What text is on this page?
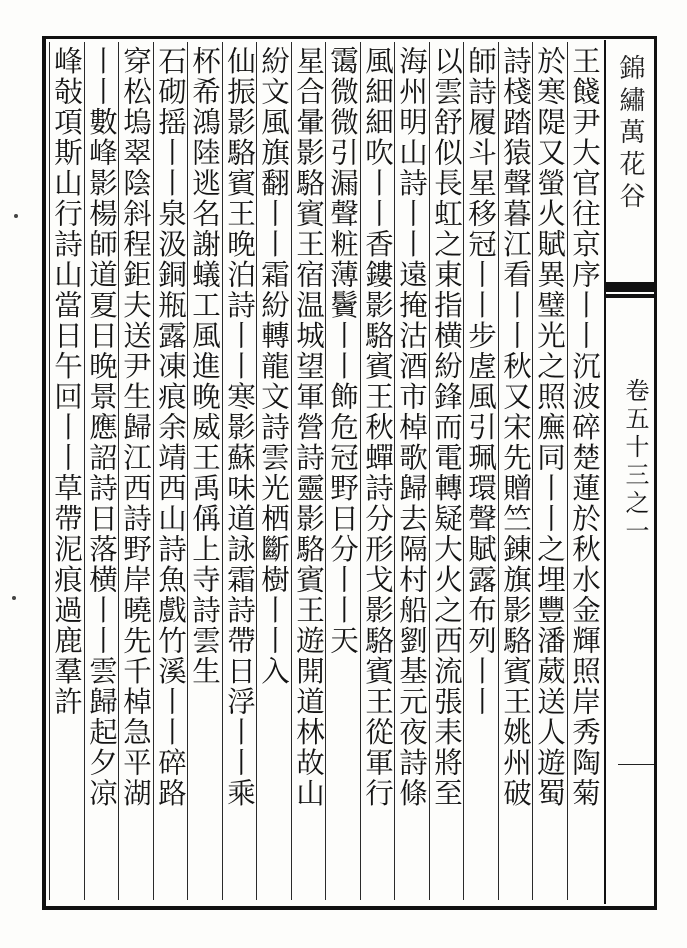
錦繡萬花谷
卷五十三之一
王餞尹大官往京序丨丨沉波碎楚蓮於秋水金輝照岸秀陶菊
於寒隄又螢火賦異璧光之照廡同丨丨之埋豐潘葳送人遊蜀
詩棧踏猿聲暮江看丨丨秋又宋先贈竺錬旗影駱賓王姚州破
師詩履斗星移冠丨丨步虗風引珮環聲賦露布列丨丨
以雲舒似長虹之東指横紛鋒而電轉疑大火之西流張耒將至
海州明山詩丨丨遠掩沽酒市棹歌歸去隔村船劉基元夜詩條
風細細吹丨丨香鏤影駱賓王秋蟬詩分形戈影駱賓王從軍行
霭微微引漏聲粧薄鬢丨丨飾危冠野日分丨丨天
星合暈影駱賓王宿温城望軍營詩靈影駱賓王遊開道林故山
紛文風旗翻丨丨霜紛轉龍文詩雲光栖斷樹丨丨入
仙振影駱賓王晚泊詩丨丨寒影蘇味道詠霜詩帶日浮丨丨乘
杯希鴻陸逃名謝蟻工風進晚威王禹偁上寺詩雲生
石砌摇丨丨泉汲銅瓶露凍痕余靖西山詩魚戲竹溪丨丨碎路
穿松塢翠陰斜程鉅夫送尹生歸江西詩野岸曉先千棹急平湖
丨丨數峰影楊師道夏日晚景應詔詩日落横丨丨雲歸起夕凉
峰敧項斯山行詩山當日午回丨丨草帶泥痕過鹿羣許
